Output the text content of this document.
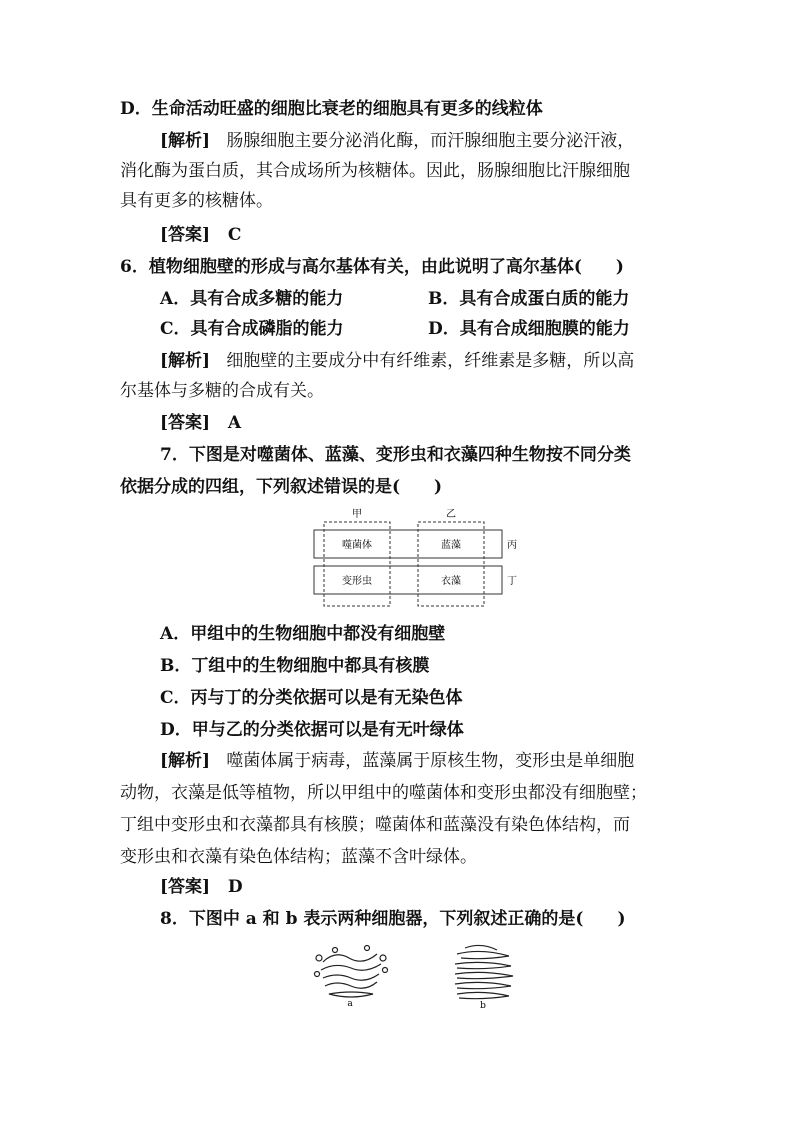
D．生命活动旺盛的细胞比衰老的细胞具有更多的线粒体
[解析] 肠腺细胞主要分泌消化酶，而汗腺细胞主要分泌汗液，
消化酶为蛋白质，其合成场所为核糖体。因此，肠腺细胞比汗腺细胞
具有更多的核糖体。
[答案] C
6．植物细胞壁的形成与高尔基体有关，由此说明了高尔基体(　　)
A．具有合成多糖的能力	B．具有合成蛋白质的能力
C．具有合成磷脂的能力	D．具有合成细胞膜的能力
[解析] 细胞壁的主要成分中有纤维素，纤维素是多糖，所以高
尔基体与多糖的合成有关。
[答案] A
7．下图是对噬菌体、蓝藻、变形虫和衣藻四种生物按不同分类
依据分成的四组，下列叙述错误的是(　　)
甲	乙
丙
丁
噬菌体	蓝藻
变形虫	衣藻
A．甲组中的生物细胞中都没有细胞壁
B．丁组中的生物细胞中都具有核膜
C．丙与丁的分类依据可以是有无染色体
D．甲与乙的分类依据可以是有无叶绿体
[解析] 噬菌体属于病毒，蓝藻属于原核生物，变形虫是单细胞
动物，衣藻是低等植物，所以甲组中的噬菌体和变形虫都没有细胞壁；
丁组中变形虫和衣藻都具有核膜；噬菌体和蓝藻没有染色体结构，而
变形虫和衣藻有染色体结构；蓝藻不含叶绿体。
[答案] D
8．下图中 a 和 b 表示两种细胞器，下列叙述正确的是(　　)
a	b
